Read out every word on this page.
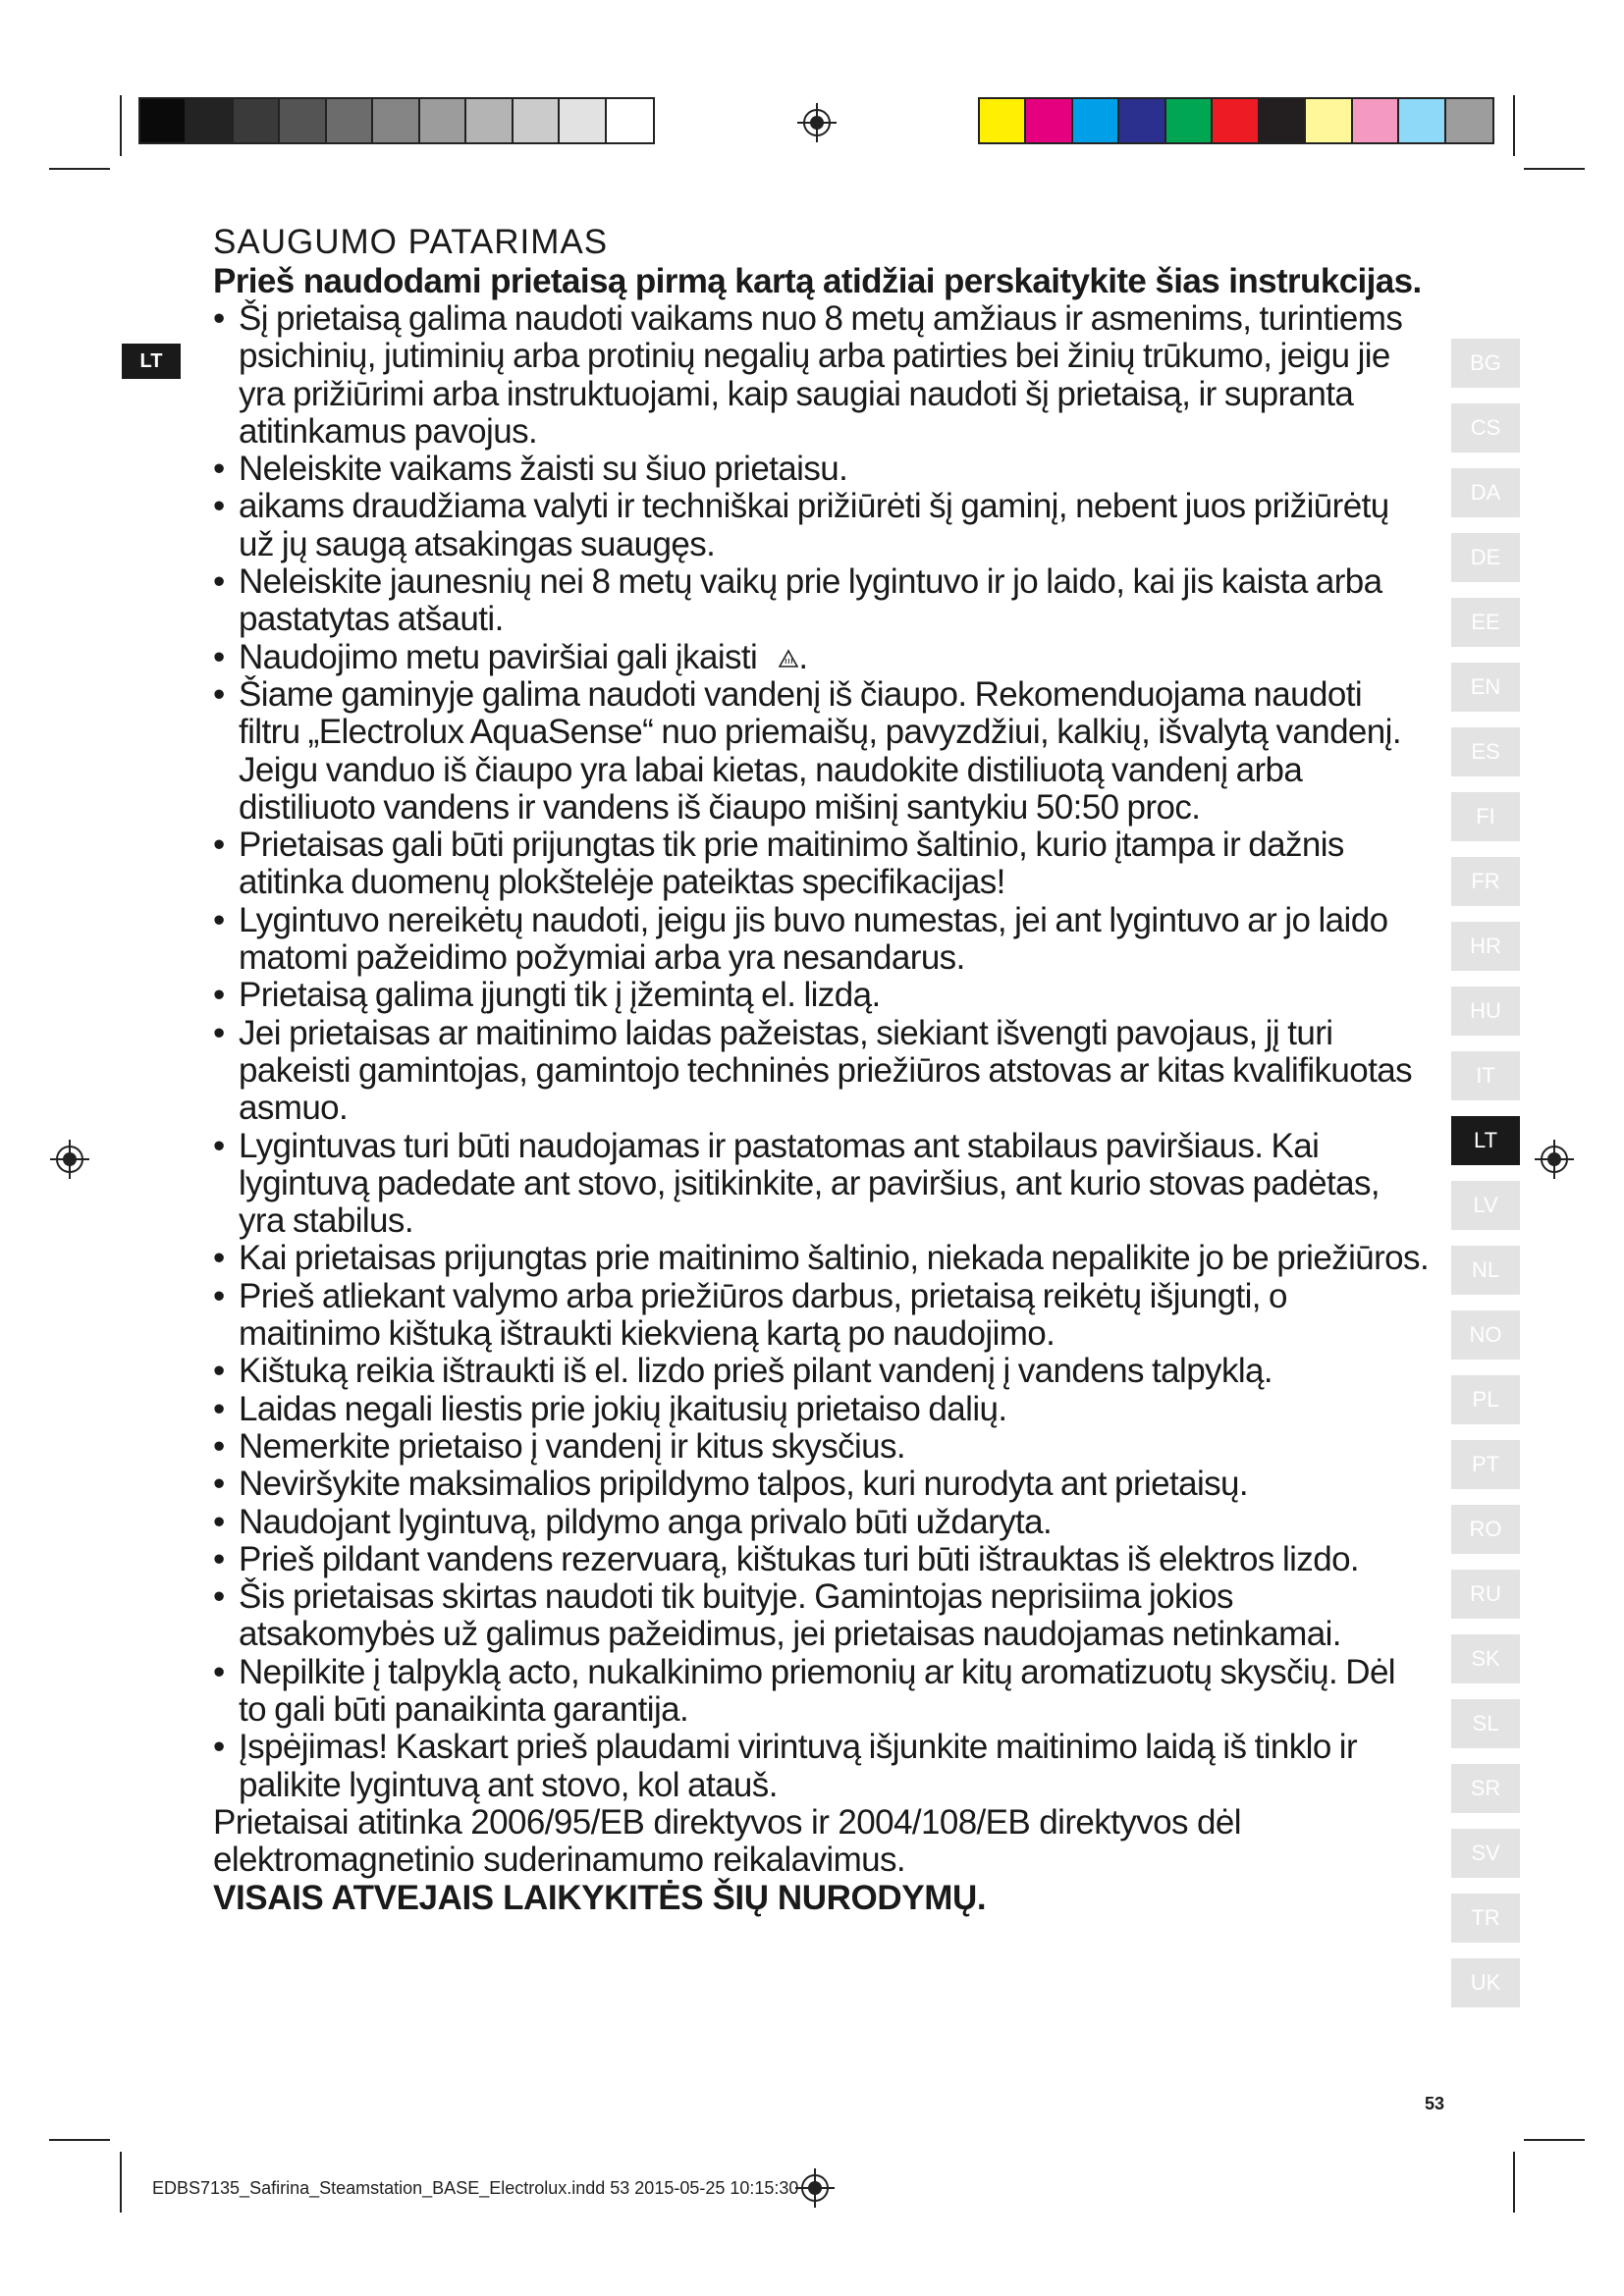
LT

SAUGUMO PATARIMAS

Prieš naudodami prietaisą pirmą kartą atidžiai perskaitykite šias instrukcijas.

• Šį prietaisą galima naudoti vaikams nuo 8 metų amžiaus ir asmenims, turintiems psichinių, jutiminių arba protinių negalių arba patirties bei žinių trūkumo, jeigu jie yra prižiūrimi arba instruktuojami, kaip saugiai naudoti šį prietaisą, ir supranta atitinkamus pavojus.
• Neleiskite vaikams žaisti su šiuo prietaisu.
• aikams draudžiama valyti ir techniškai prižiūrėti šį gaminį, nebent juos prižiūrėtų už jų saugą atsakingas suaugęs.
• Neleiskite jaunesnių nei 8 metų vaikų prie lygintuvo ir jo laido, kai jis kaista arba pastatytas atšauti.
• Naudojimo metu paviršiai gali įkaisti .
• Šiame gaminyje galima naudoti vandenį iš čiaupo. Rekomenduojama naudoti filtru „Electrolux AquaSense“ nuo priemaišų, pavyzdžiui, kalkių, išvalytą vandenį. Jeigu vanduo iš čiaupo yra labai kietas, naudokite distiliuotą vandenį arba distiliuoto vandens ir vandens iš čiaupo mišinį santykiu 50:50 proc.
• Prietaisas gali būti prijungtas tik prie maitinimo šaltinio, kurio įtampa ir dažnis atitinka duomenų plokštelėje pateiktas specifikacijas!
• Lygintuvo nereikėtų naudoti, jeigu jis buvo numestas, jei ant lygintuvo ar jo laido matomi pažeidimo požymiai arba yra nesandarus.
• Prietaisą galima įjungti tik į įžemintą el. lizdą.
• Jei prietaisas ar maitinimo laidas pažeistas, siekiant išvengti pavojaus, jį turi pakeisti gamintojas, gamintojo techninės priežiūros atstovas ar kitas kvalifikuotas asmuo.
• Lygintuvas turi būti naudojamas ir pastatomas ant stabilaus paviršiaus. Kai lygintuvą padedate ant stovo, įsitikinkite, ar paviršius, ant kurio stovas padėtas, yra stabilus.
• Kai prietaisas prijungtas prie maitinimo šaltinio, niekada nepalikite jo be priežiūros.
• Prieš atliekant valymo arba priežiūros darbus, prietaisą reikėtų išjungti, o maitinimo kištuką ištraukti kiekvieną kartą po naudojimo.
• Kištuką reikia ištraukti iš el. lizdo prieš pilant vandenį į vandens talpyklą.
• Laidas negali liestis prie jokių įkaitusių prietaiso dalių.
• Nemerkite prietaiso į vandenį ir kitus skysčius.
• Neviršykite maksimalios pripildymo talpos, kuri nurodyta ant prietaisų.
• Naudojant lygintuvą, pildymo anga privalo būti uždaryta.
• Prieš pildant vandens rezervuarą, kištukas turi būti ištrauktas iš elektros lizdo.
• Šis prietaisas skirtas naudoti tik buityje. Gamintojas neprisiima jokios atsakomybės už galimus pažeidimus, jei prietaisas naudojamas netinkamai.
• Nepilkite į talpyklą acto, nukalkinimo priemonių ar kitų aromatizuotų skysčių. Dėl to gali būti panaikinta garantija.
• Įspėjimas! Kaskart prieš plaudami virintuvą išjunkite maitinimo laidą iš tinklo ir palikite lygintuvą ant stovo, kol atauš.

Prietaisai atitinka 2006/95/EB direktyvos ir 2004/108/EB direktyvos dėl elektromagnetinio suderinamumo reikalavimus.

VISAIS ATVEJAIS LAIKYKITĖS ŠIŲ NURODYMŲ.

BG
CS
DA
DE
EE
EN
ES
FI
FR
HR
HU
IT
LT
LV
NL
NO
PL
PT
RO
RU
SK
SL
SR
SV
TR
UK
53
EDBS7135_Safirina_Steamstation_BASE_Electrolux.indd 53 2015-05-25 10:15:30
